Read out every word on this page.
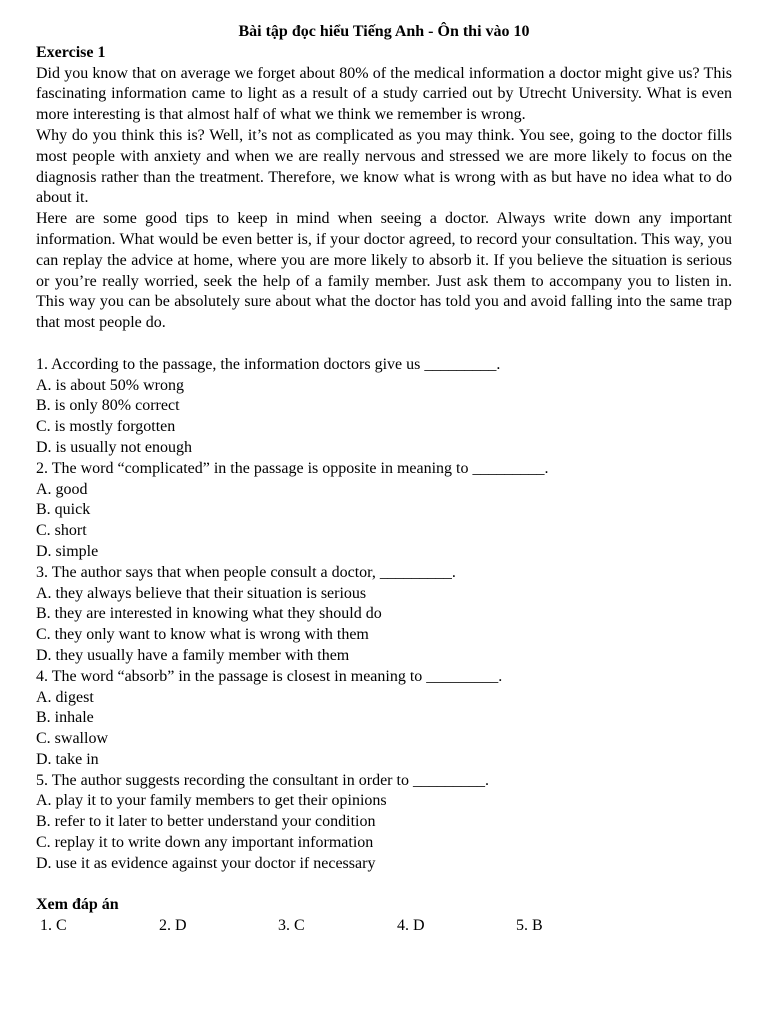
Bài tập đọc hiểu Tiếng Anh - Ôn thi vào 10

Exercise 1

Did you know that on average we forget about 80% of the medical information a doctor might give us? This fascinating information came to light as a result of a study carried out by Utrecht University. What is even more interesting is that almost half of what we think we remember is wrong.

Why do you think this is? Well, it’s not as complicated as you may think. You see, going to the doctor fills most people with anxiety and when we are really nervous and stressed we are more likely to focus on the diagnosis rather than the treatment. Therefore, we know what is wrong with as but have no idea what to do about it.

Here are some good tips to keep in mind when seeing a doctor. Always write down any important information. What would be even better is, if your doctor agreed, to record your consultation. This way, you can replay the advice at home, where you are more likely to absorb it. If you believe the situation is serious or you’re really worried, seek the help of a family member. Just ask them to accompany you to listen in. This way you can be absolutely sure about what the doctor has told you and avoid falling into the same trap that most people do.

1. According to the passage, the information doctors give us _________.

A. is about 50% wrong

B. is only 80% correct

C. is mostly forgotten

D. is usually not enough

2. The word “complicated” in the passage is opposite in meaning to _________.

A. good

B. quick

C. short

D. simple

3. The author says that when people consult a doctor, _________.

A. they always believe that their situation is serious

B. they are interested in knowing what they should do

C. they only want to know what is wrong with them

D. they usually have a family member with them

4. The word “absorb” in the passage is closest in meaning to _________.

A. digest

B. inhale

C. swallow

D. take in

5. The author suggests recording the consultant in order to _________.

A. play it to your family members to get their opinions

B. refer to it later to better understand your condition

C. replay it to write down any important information

D. use it as evidence against your doctor if necessary

Xem đáp án

1. C	2. D	3. C	4. D	5. B
